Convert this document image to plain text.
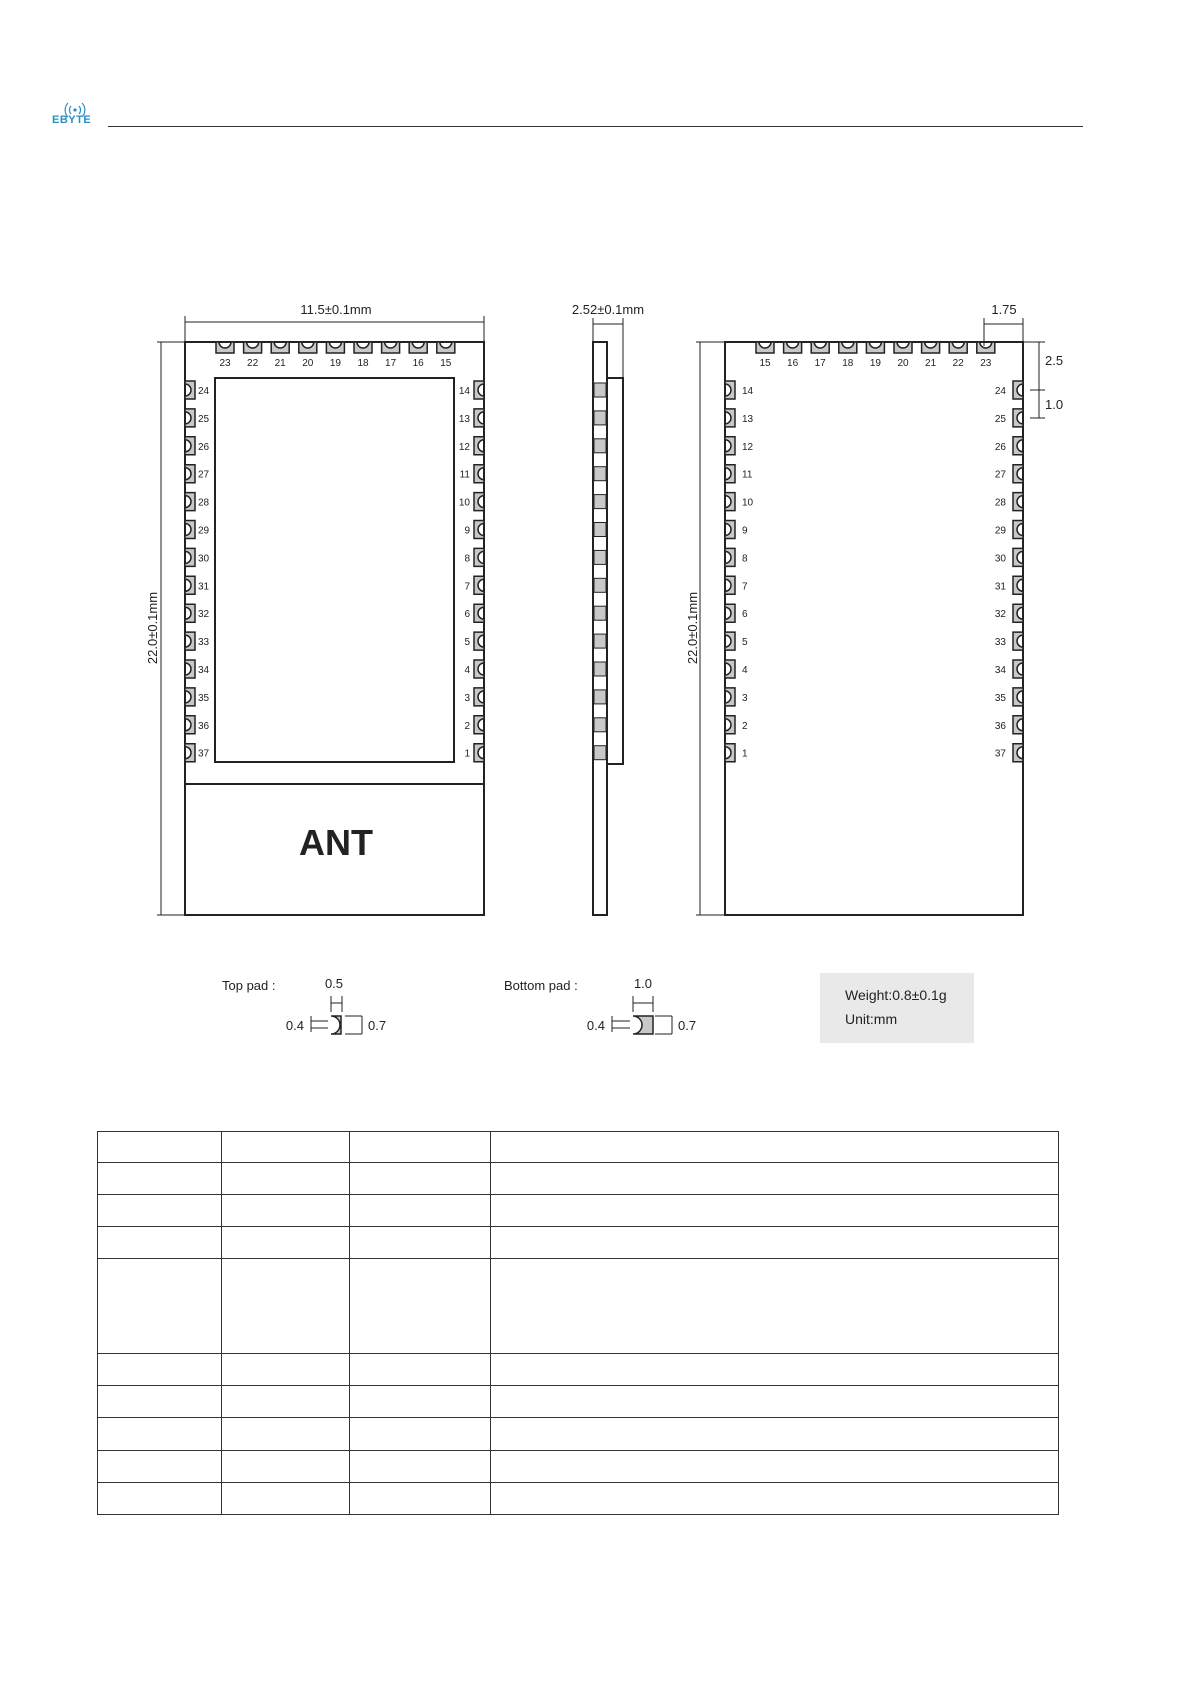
EBYTE
ANT
23 22 21 20 19 18 17 16 15
24
25
26
27
28
29
30
31
32
33
34
35
36
37
14
13
12
11
10
9
8
7
6
5
4
3
2
1
15 16 17 18 19 20 21 22 23
14
13
12
11
10
9
8
7
6
5
4
3
2
1
24
25
26
27
28
29
30
31
32
33
34
35
36
37
11.5±0.1mm
22.0±0.1mm
2.52±0.1mm
22.0±0.1mm
1.75
2.5
1.0
Top pad :	0.5
0.4	0.7
Bottom pad :	1.0
0.4	0.7
Weight:0.8±0.1g
Unit:mm
